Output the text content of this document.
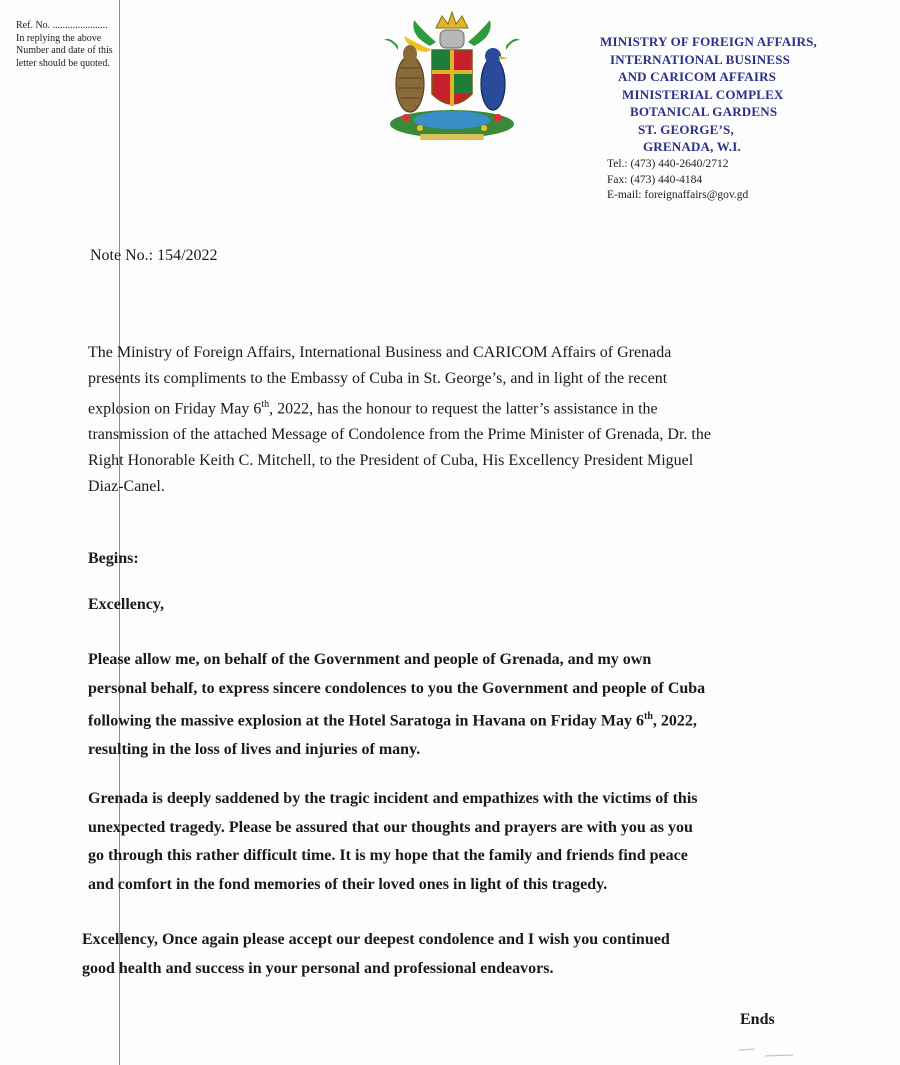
Ref. No. ......................
In replying the above
Number and date of this
letter should be quoted.
MINISTRY OF FOREIGN AFFAIRS,
INTERNATIONAL BUSINESS
AND CARICOM AFFAIRS
MINISTERIAL COMPLEX
BOTANICAL GARDENS
ST. GEORGE’S,
GRENADA, W.I.
Tel.: (473) 440-2640/2712
Fax: (473) 440-4184
E-mail: foreignaffairs@gov.gd
Note No.: 154/2022
The Ministry of Foreign Affairs, International Business and CARICOM Affairs of Grenada
presents its compliments to the Embassy of Cuba in St. George’s, and in light of the recent
explosion on Friday May 6th, 2022, has the honour to request the latter’s assistance in the
transmission of the attached Message of Condolence from the Prime Minister of Grenada, Dr. the
Right Honorable Keith C. Mitchell, to the President of Cuba, His Excellency President Miguel
Diaz-Canel.
Begins:
Excellency,
Please allow me, on behalf of the Government and people of Grenada, and my own
personal behalf, to express sincere condolences to you the Government and people of Cuba
following the massive explosion at the Hotel Saratoga in Havana on Friday May 6th, 2022,
resulting in the loss of lives and injuries of many.
Grenada is deeply saddened by the tragic incident and empathizes with the victims of this
unexpected tragedy. Please be assured that our thoughts and prayers are with you as you
go through this rather difficult time. It is my hope that the family and friends find peace
and comfort in the fond memories of their loved ones in light of this tragedy.
Excellency, Once again please accept our deepest condolence and I wish you continued
good health and success in your personal and professional endeavors.
Ends
